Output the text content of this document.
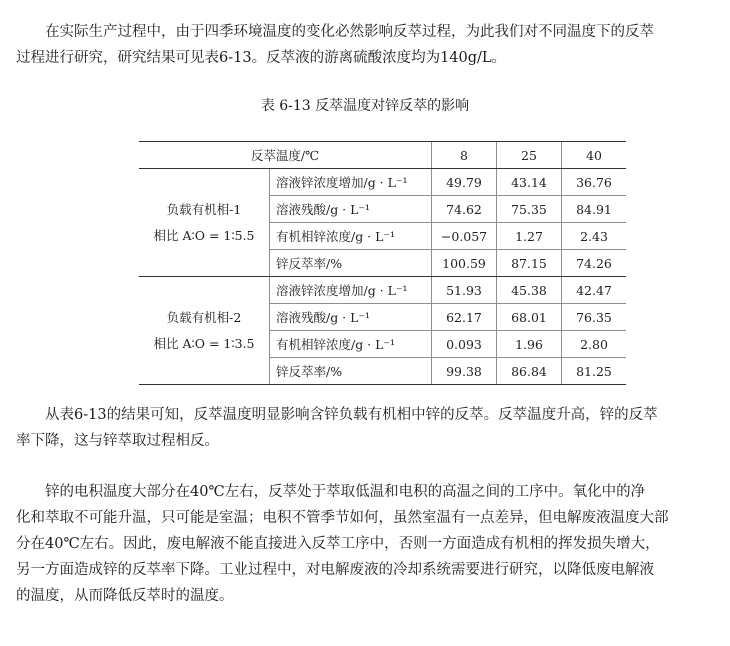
在实际生产过程中，由于四季环境温度的变化必然影响反萃过程，为此我们对不同温度下的反萃
过程进行研究，研究结果可见表6-13。反萃液的游离硫酸浓度均为140g/L。

表 6-13 反萃温度对锌反萃的影响

反萃温度/℃		8	25	40
负载有机相-1
相比 A∶O = 1∶5.5	溶液锌浓度增加/g · L⁻¹	49.79	43.14	36.76
	溶液残酸/g · L⁻¹	74.62	75.35	84.91
	有机相锌浓度/g · L⁻¹	−0.057	1.27	2.43
	锌反萃率/%	100.59	87.15	74.26
负载有机相-2
相比 A∶O = 1∶3.5	溶液锌浓度增加/g · L⁻¹	51.93	45.38	42.47
	溶液残酸/g · L⁻¹	62.17	68.01	76.35
	有机相锌浓度/g · L⁻¹	0.093	1.96	2.80
	锌反萃率/%	99.38	86.84	81.25
从表6-13的结果可知，反萃温度明显影响含锌负载有机相中锌的反萃。反萃温度升高，锌的反萃
率下降，这与锌萃取过程相反。
锌的电积温度大部分在40℃左右，反萃处于萃取低温和电积的高温之间的工序中。氧化中的净
化和萃取不可能升温，只可能是室温；电积不管季节如何，虽然室温有一点差异，但电解废液温度大部
分在40℃左右。因此，废电解液不能直接进入反萃工序中，否则一方面造成有机相的挥发损失增大，
另一方面造成锌的反萃率下降。工业过程中，对电解废液的冷却系统需要进行研究，以降低废电解液
的温度，从而降低反萃时的温度。
